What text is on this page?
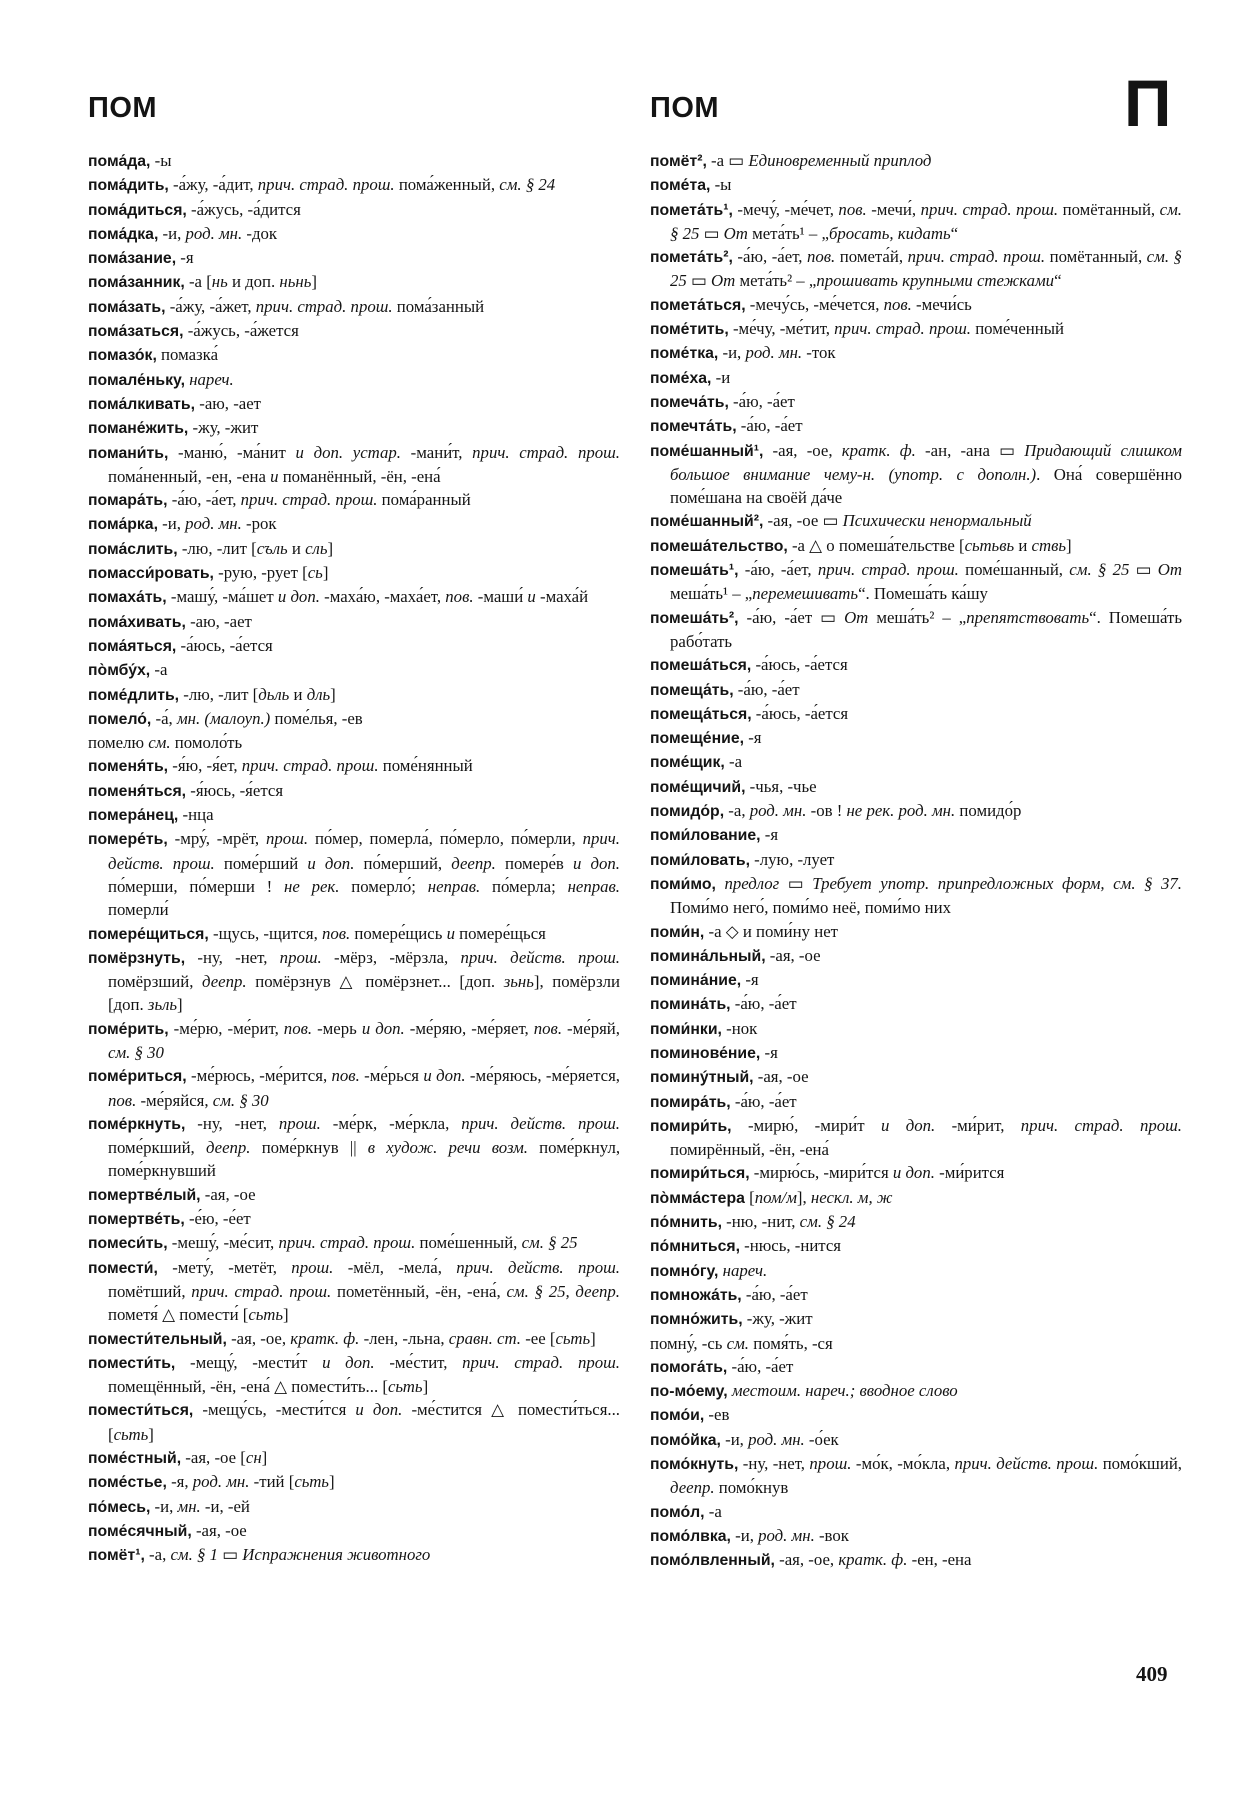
ПОМ	ПОМ	П
пома́да, -ы
пома́дить, -а́жу, -а́дит, прич. страд. прош. пома́женный, см. § 24
пома́диться, -а́жусь, -а́дится
пома́дка, -и, род. мн. -док
пома́зание, -я
пома́занник, -а [нь и доп. ньнь]
пома́зать, -а́жу, -а́жет, прич. страд. прош. пома́занный
пома́заться, -а́жусь, -а́жется
помазо́к, помазка́
помале́ньку, нареч.
пома́лкивать, -аю, -ает
помане́жить, -жу, -жит
помани́ть, -маню́, -ма́нит и доп. устар. -мани́т, прич. страд. прош. пома́ненный, -ен, -ена и поманённый, -ён, -ена́
помара́ть, -а́ю, -а́ет, прич. страд. прош. пома́ранный
пома́рка, -и, род. мн. -рок
пома́слить, -лю, -лит [съль и сль]
помасси́ровать, -рую, -рует [сь]
помаха́ть, -машу́, -ма́шет и доп. -маха́ю, -маха́ет, пов. -маши́ и -маха́й
пома́хивать, -аю, -ает
пома́яться, -а́юсь, -а́ется
по̀мбу́х, -а
поме́длить, -лю, -лит [дьль и дль]
помело́, -а́, мн. (малоуп.) поме́лья, -ев
помелю см. помоло́ть
поменя́ть, -я́ю, -я́ет, прич. страд. прош. поме́нянный
поменя́ться, -я́юсь, -я́ется
помера́нец, -нца
помере́ть, -мру́, -мрёт, прош. по́мер, померла́, по́мерло, по́мерли, прич. действ. прош. поме́рший и доп. по́мерший, деепр. помере́в и доп. по́мерши, по́мерши ! не рек. померло́; неправ. по́мерла; неправ. померли́
помере́щиться, -щусь, -щится, пов. помере́щись и помере́щься
помёрзнуть, -ну, -нет, прош. -мёрз, -мёрзла, прич. действ. прош. помёрзший, деепр. помёрзнув △ помёрзнет... [доп. зьнь], помёрзли [доп. зьль]
поме́рить, -ме́рю, -ме́рит, пов. -мерь и доп. -ме́ряю, -ме́ряет, пов. -ме́ряй, см. § 30
поме́риться, -ме́рюсь, -ме́рится, пов. -ме́рься и доп. -ме́ряюсь, -ме́ряется, пов. -ме́ряйся, см. § 30
поме́ркнуть, -ну, -нет, прош. -ме́рк, -ме́ркла, прич. действ. прош. поме́ркший, деепр. поме́ркнув || в худож. речи возм. поме́ркнул, поме́ркнувший
помертве́лый, -ая, -ое
помертве́ть, -е́ю, -е́ет
помеси́ть, -мешу́, -ме́сит, прич. страд. прош. поме́шенный, см. § 25
помести́, -мету́, -метёт, прош. -мёл, -мела́, прич. действ. прош. помётший, прич. страд. прош. пометённый, -ён, -ена́, см. § 25, деепр. пометя́ △ помести́ [сьть]
помести́тельный, -ая, -ое, кратк. ф. -лен, -льна, сравн. ст. -ее [сьть]
помести́ть, -мещу́, -мести́т и доп. -ме́стит, прич. страд. прош. помещённый, -ён, -ена́ △ помести́ть... [сьть]
помести́ться, -мещу́сь, -мести́тся и доп. -ме́стится △ помести́ться... [сьть]
поме́стный, -ая, -ое [сн]
поме́стье, -я, род. мн. -тий [сьть]
по́месь, -и, мн. -и, -ей
поме́сячный, -ая, -ое
помёт¹, -а, см. § 1 ▭ Испражнения животного
помёт², -а ▭ Единовременный приплод
поме́та, -ы
помета́ть¹, -мечу́, -ме́чет, пов. -мечи́, прич. страд. прош. помётанный, см. § 25 ▭ От мета́ть¹ – „бросать, кидать“
помета́ть², -а́ю, -а́ет, пов. помета́й, прич. страд. прош. помётанный, см. § 25 ▭ От мета́ть² – „прошивать крупными стежками“
помета́ться, -мечу́сь, -ме́чется, пов. -мечи́сь
поме́тить, -ме́чу, -ме́тит, прич. страд. прош. поме́ченный
поме́тка, -и, род. мн. -ток
поме́ха, -и
помеча́ть, -а́ю, -а́ет
помечта́ть, -а́ю, -а́ет
поме́шанный¹, -ая, -ое, кратк. ф. -ан, -ана ▭ Придающий слишком большое внимание чему-н. (употр. с дополн.). Она́ совершённо поме́шана на своёй да́че
поме́шанный², -ая, -ое ▭ Психически ненормальный
помеша́тельство, -а △ о помеша́тельстве [сьтьвь и ствь]
помеша́ть¹, -а́ю, -а́ет, прич. страд. прош. поме́шанный, см. § 25 ▭ От меша́ть¹ – „перемешивать“. Помеша́ть ка́шу
помеша́ть², -а́ю, -а́ет ▭ От меша́ть² – „препятствовать“. Помеша́ть рабо́тать
помеша́ться, -а́юсь, -а́ется
помеща́ть, -а́ю, -а́ет
помеща́ться, -а́юсь, -а́ется
помеще́ние, -я
поме́щик, -а
поме́щичий, -чья, -чье
помидо́р, -а, род. мн. -ов ! не рек. род. мн. помидо́р
поми́лование, -я
поми́ловать, -лую, -лует
поми́мо, предлог ▭ Требует употр. припредложных форм, см. § 37. Поми́мо него́, поми́мо неё, поми́мо них
поми́н, -а ◇ и поми́ну нет
помина́льный, -ая, -ое
помина́ние, -я
помина́ть, -а́ю, -а́ет
поми́нки, -нок
поминове́ние, -я
поминýтный, -ая, -ое
помира́ть, -а́ю, -а́ет
помири́ть, -мирю́, -мири́т и доп. -ми́рит, прич. страд. прош. помирённый, -ён, -ена́
помири́ться, -мирю́сь, -мири́тся и доп. -ми́рится
по̀мма́стера [пом/м], нескл. м, ж
по́мнить, -ню, -нит, см. § 24
по́мниться, -нюсь, -нится
помно́гу, нареч.
помножа́ть, -а́ю, -а́ет
помно́жить, -жу, -жит
помну́, -сь см. помя́ть, -ся
помога́ть, -а́ю, -а́ет
по-мо́ему, местоим. нареч.; вводное слово
помо́и, -ев
помо́йка, -и, род. мн. -о́ек
помо́кнуть, -ну, -нет, прош. -мо́к, -мо́кла, прич. действ. прош. помо́кший, деепр. помо́кнув
помо́л, -а
помо́лвка, -и, род. мн. -вок
помо́лвленный, -ая, -ое, кратк. ф. -ен, -ена
409
